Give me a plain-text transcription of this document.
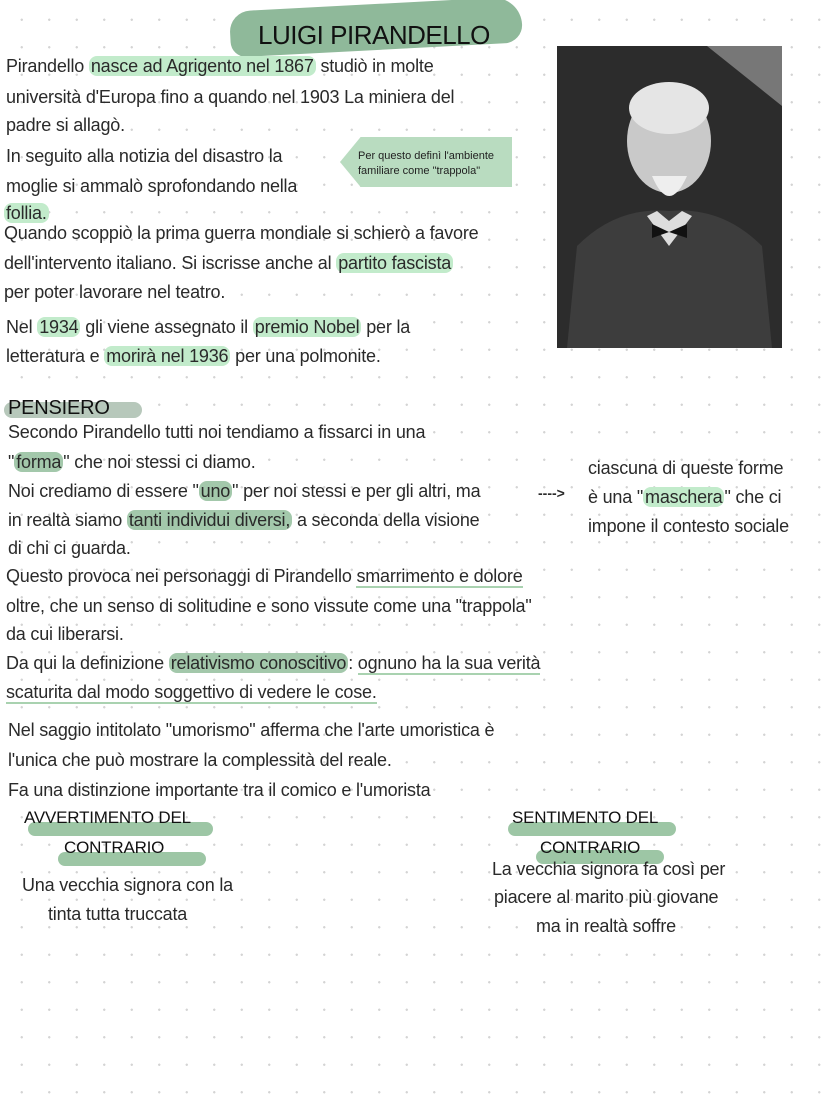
LUIGI PIRANDELLO
Per questo definì l'ambiente
familiare come "trappola"
PENSIERO
---->
Pirandello nasce ad Agrigento nel 1867 studiò in molte
università d'Europa fino a quando nel 1903 La miniera del
padre si allagò.
In seguito alla notizia del disastro la
moglie si ammalò sprofondando nella
follia.
Quando scoppiò la prima guerra mondiale si schierò a favore
dell'intervento italiano. Si iscrisse anche al partito fascista
per poter lavorare nel teatro.
Nel 1934 gli viene assegnato il premio Nobel per la
letteratura e morirà nel 1936 per una polmonite.
Secondo Pirandello tutti noi tendiamo a fissarci in una
" forma " che noi stessi ci diamo.
Noi crediamo di essere " uno " per noi stessi e per gli altri, ma
in realtà siamo tanti individui diversi, a seconda della visione
di chi ci guarda.
Questo provoca nei personaggi di Pirandello smarrimento e dolore
oltre, che un senso di solitudine e sono vissute come una "trappola"
da cui liberarsi.
Da qui la definizione relativismo conoscitivo : ognuno ha la sua verità
scaturita dal modo soggettivo di vedere le cose.
ciascuna di queste forme
è una " maschera " che ci
impone il contesto sociale
Nel saggio intitolato "umorismo" afferma che l'arte umoristica è
l'unica che può mostrare la complessità del reale.
Fa una distinzione importante tra il comico e l'umorista
AVVERTIMENTO DEL
CONTRARIO
SENTIMENTO DEL
CONTRARIO
Una vecchia signora con la
tinta tutta truccata
La vecchia signora fa così per
piacere al marito più giovane
ma in realtà soffre
